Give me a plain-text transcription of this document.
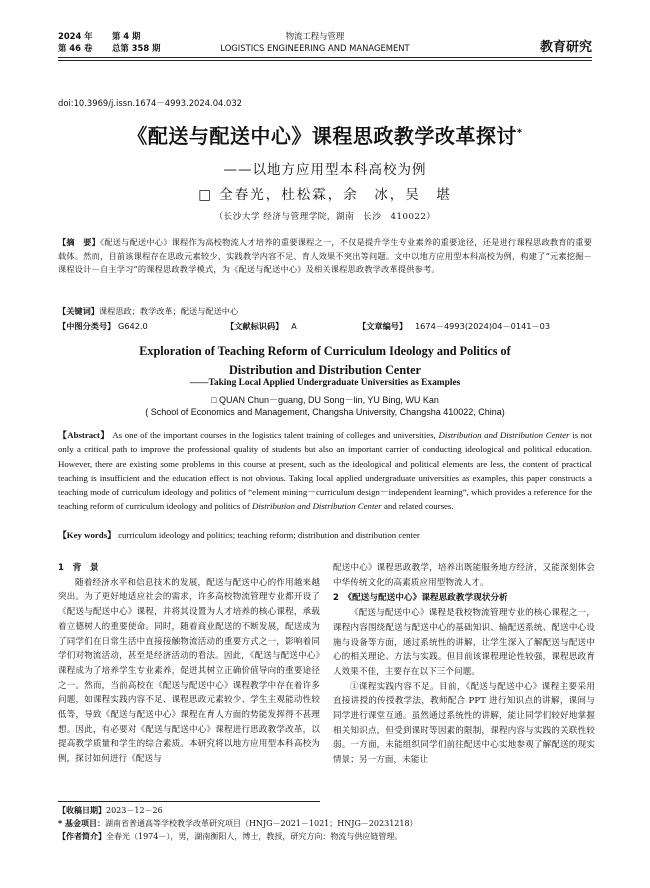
2024 年 第 4 期
第 46 卷 总第 358 期
物流工程与管理
LOGISTICS ENGINEERING AND MANAGEMENT	教育研究
doi:10.3969/j.issn.1674－4993.2024.04.032
《配送与配送中心》课程思政教学改革探讨*
——以地方应用型本科高校为例
□ 全春光，杜松霖，余　冰，吴　堪
（长沙大学 经济与管理学院，湖南　长沙　410022）
【摘　要】《配送与配送中心》课程作为高校物流人才培养的重要课程之一，不仅是提升学生专业素养的重要途径，还是进行课程思政教育的重要载体。然而，目前该课程存在思政元素较少、实践教学内容不足、育人效果不突出等问题。文中以地方应用型本科高校为例，构建了“元素挖掘－课程设计－自主学习”的课程思政教学模式，为《配送与配送中心》及相关课程思政教学改革提供参考。
【关键词】课程思政；教学改革；配送与配送中心
【中图分类号】 G642.0	【文献标识码】 A	【文章编号】 1674－4993(2024)04－0141－03
Exploration of Teaching Reform of Curriculum Ideology and Politics of
Distribution and Distribution Center
——Taking Local Applied Undergraduate Universities as Examples
□ QUAN Chun－guang, DU Song－lin, YU Bing, WU Kan
( School of Economics and Management, Changsha University, Changsha 410022, China)
【Abstract】 As one of the important courses in the logistics talent training of colleges and universities, Distribution and Distribution Center is not only a critical path to improve the professional quality of students but also an important carrier of conducting ideological and political education. However, there are existing some problems in this course at present, such as the ideological and political elements are less, the content of practical teaching is insufficient and the education effect is not obvious. Taking local applied undergraduate universities as examples, this paper constructs a teaching mode of curriculum ideology and politics of “element mining－curriculum design－independent learning”, which provides a reference for the teaching reform of curriculum ideology and politics of Distribution and Distribution Center and related courses.
【Key words】 curriculum ideology and politics; teaching reform; distribution and distribution center
1　背　景
随着经济水平和信息技术的发展，配送与配送中心的作用越来越突出。为了更好地适应社会的需求，许多高校物流管理专业都开设了《配送与配送中心》课程，并将其设置为人才培养的核心课程，承载着立德树人的重要使命。同时，随着商业配送的不断发展，配送成为了同学们在日常生活中直接接触物流活动的重要方式之一，影响着同学们对物流活动，甚至是经济活动的看法。因此，《配送与配送中心》课程成为了培养学生专业素养，促进其树立正确价值导向的重要途径之一。然而，当前高校在《配送与配送中心》课程教学中存在着许多问题，如课程实践内容不足、课程思政元素较少、学生主观能动性较低等，导致《配送与配送中心》课程在育人方面的势能发挥得不甚理想。因此，有必要对《配送与配送中心》课程进行思政教学改革，以提高教学质量和学生的综合素质。本研究将以地方应用型本科高校为例，探讨如何进行《配送与
配送中心》课程思政教学，培养出既能服务地方经济，又能深刻体会中华传统文化的高素质应用型物流人才。
2　《配送与配送中心》课程思政教学现状分析
《配送与配送中心》课程是我校物流管理专业的核心课程之一，课程内容围绕配送与配送中心的基础知识、输配送系统、配送中心设施与设备等方面，通过系统性的讲解，让学生深入了解配送与配送中心的相关理论、方法与实践。但目前该课程理论性较强，课程思政育人效果不佳，主要存在以下三个问题。
①课程实践内容不足。目前，《配送与配送中心》课程主要采用直接讲授的传授教学法，教师配合 PPT 进行知识点的讲解，课间与同学进行课堂互通。虽然通过系统性的讲解，能让同学们较好地掌握相关知识点，但受到课时等因素的限制，课程内容与实践的关联性较弱。一方面，未能组织同学们前往配送中心实地参观了解配送的现实情景；另一方面，未能让
【收稿日期】2023－12－26
* 基金项目：湖南省普通高等学校教学改革研究项目（HNJG－2021－1021；HNJG－20231218）
【作者简介】全春光（1974－），男，湖南衡阳人，博士，教授，研究方向：物流与供应链管理。
